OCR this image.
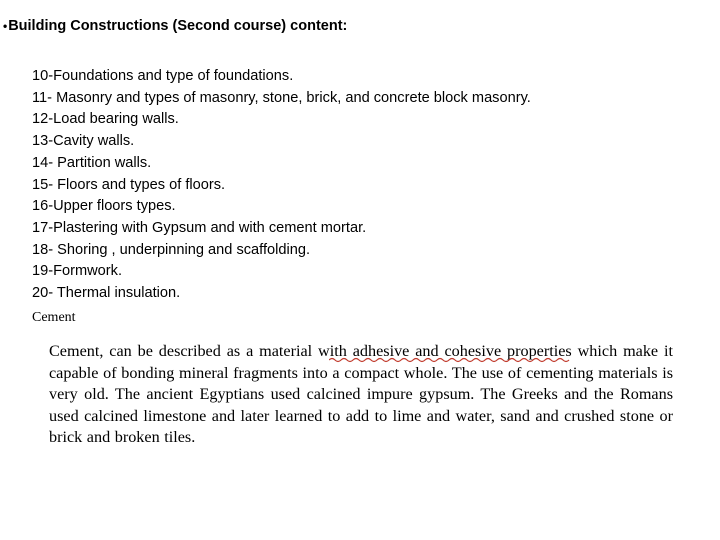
•Building Constructions (Second course) content:
10-Foundations and type of foundations.
11- Masonry and types of masonry, stone, brick, and concrete block masonry.
12-Load bearing walls.
13-Cavity walls.
14- Partition walls.
15- Floors and types of floors.
16-Upper floors types.
17-Plastering with Gypsum and with cement mortar.
18- Shoring , underpinning and scaffolding.
19-Formwork.
20- Thermal insulation.
Cement

Cement, can be described as a material with adhesive and cohesive properties which make it capable of bonding mineral fragments into a compact whole. The use of cementing materials is very old. The ancient Egyptians used calcined impure gypsum. The Greeks and the Romans used calcined limestone and later learned to add to lime and water, sand and crushed stone or brick and broken tiles.
